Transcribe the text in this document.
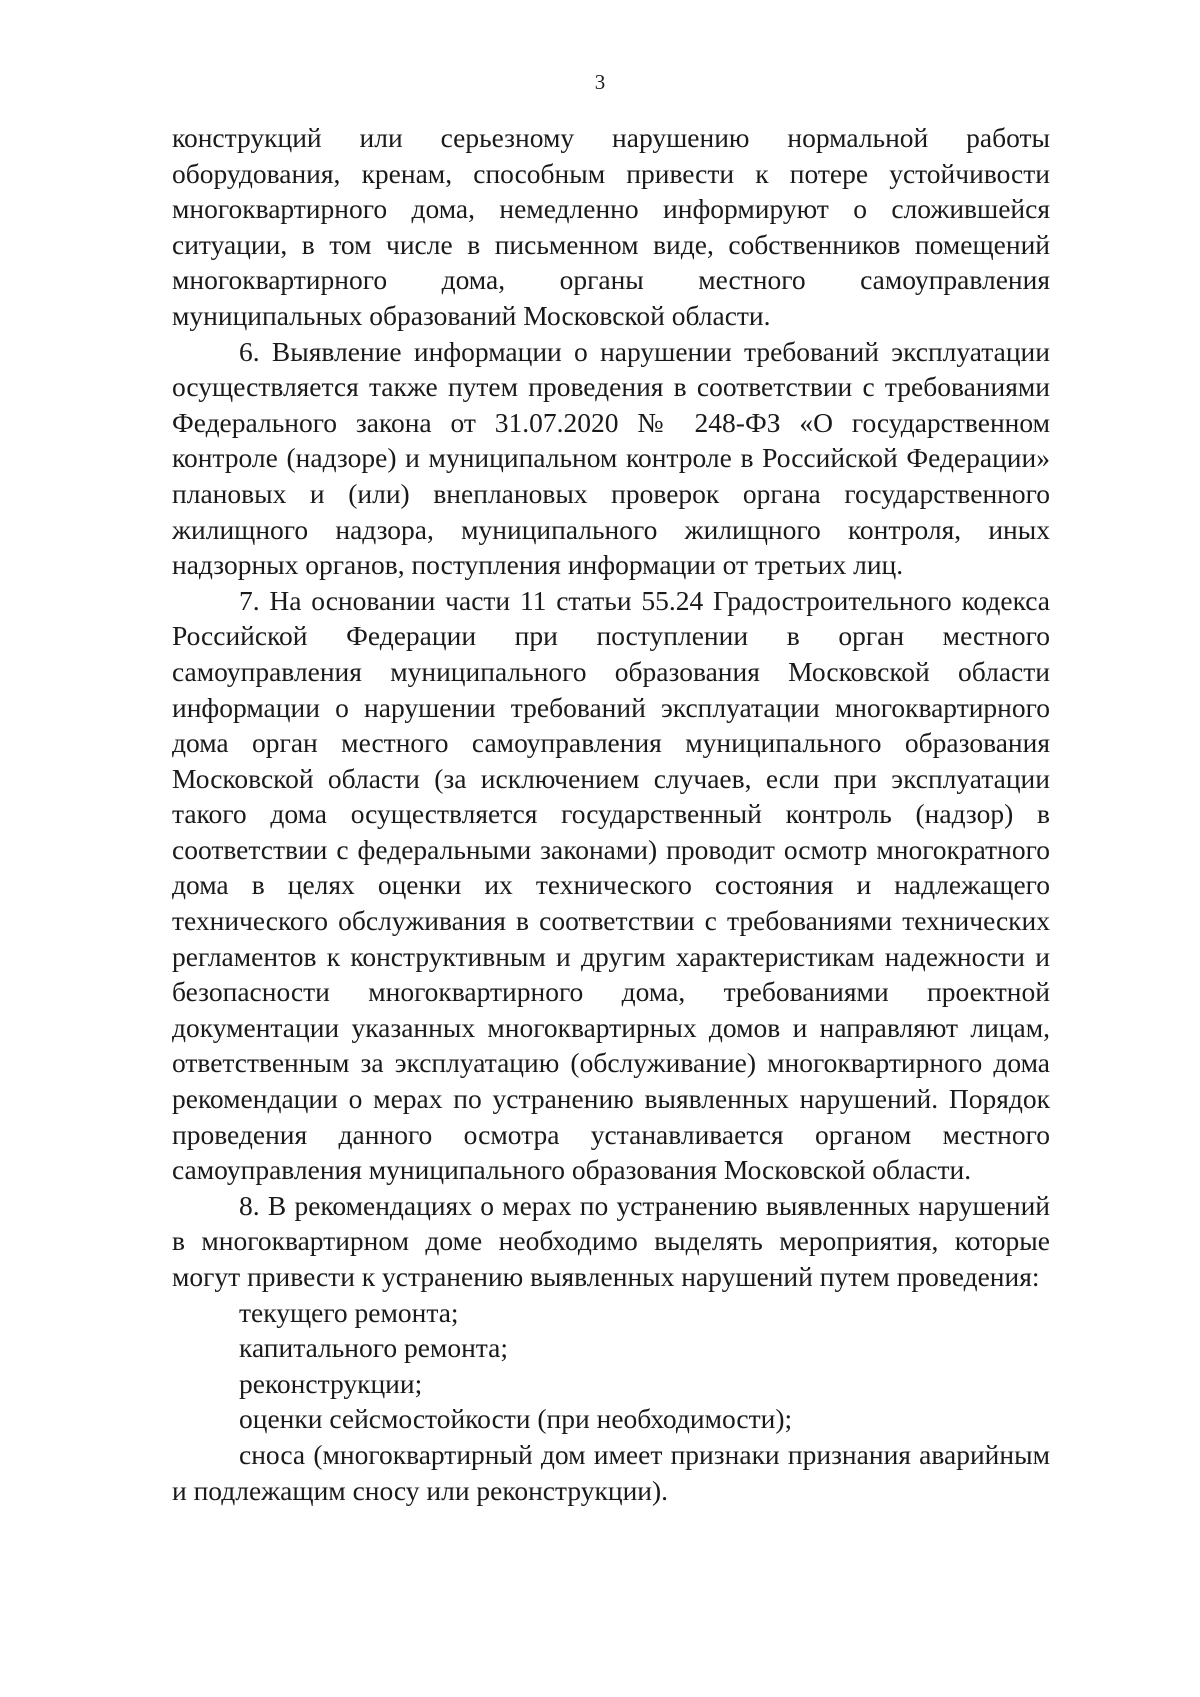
3

конструкций или серьезному нарушению нормальной работы оборудования, кренам, способным привести к потере устойчивости многоквартирного дома, немедленно информируют о сложившейся ситуации, в том числе в письменном виде, собственников помещений многоквартирного дома, органы местного самоуправления муниципальных образований Московской области.

6. Выявление информации о нарушении требований эксплуатации осуществляется также путем проведения в соответствии с требованиями Федерального закона от 31.07.2020 № 248-ФЗ «О государственном контроле (надзоре) и муниципальном контроле в Российской Федерации» плановых и (или) внеплановых проверок органа государственного жилищного надзора, муниципального жилищного контроля, иных надзорных органов, поступления информации от третьих лиц.

7. На основании части 11 статьи 55.24 Градостроительного кодекса Российской Федерации при поступлении в орган местного самоуправления муниципального образования Московской области информации о нарушении требований эксплуатации многоквартирного дома орган местного самоуправления муниципального образования Московской области (за исключением случаев, если при эксплуатации такого дома осуществляется государственный контроль (надзор) в соответствии с федеральными законами) проводит осмотр многократного дома в целях оценки их технического состояния и надлежащего технического обслуживания в соответствии с требованиями технических регламентов к конструктивным и другим характеристикам надежности и безопасности многоквартирного дома, требованиями проектной документации указанных многоквартирных домов и направляют лицам, ответственным за эксплуатацию (обслуживание) многоквартирного дома рекомендации о мерах по устранению выявленных нарушений. Порядок проведения данного осмотра устанавливается органом местного самоуправления муниципального образования Московской области.

8. В рекомендациях о мерах по устранению выявленных нарушений в многоквартирном доме необходимо выделять мероприятия, которые могут привести к устранению выявленных нарушений путем проведения:

текущего ремонта;

капитального ремонта;

реконструкции;

оценки сейсмостойкости (при необходимости);

сноса (многоквартирный дом имеет признаки признания аварийным и подлежащим сносу или реконструкции).
